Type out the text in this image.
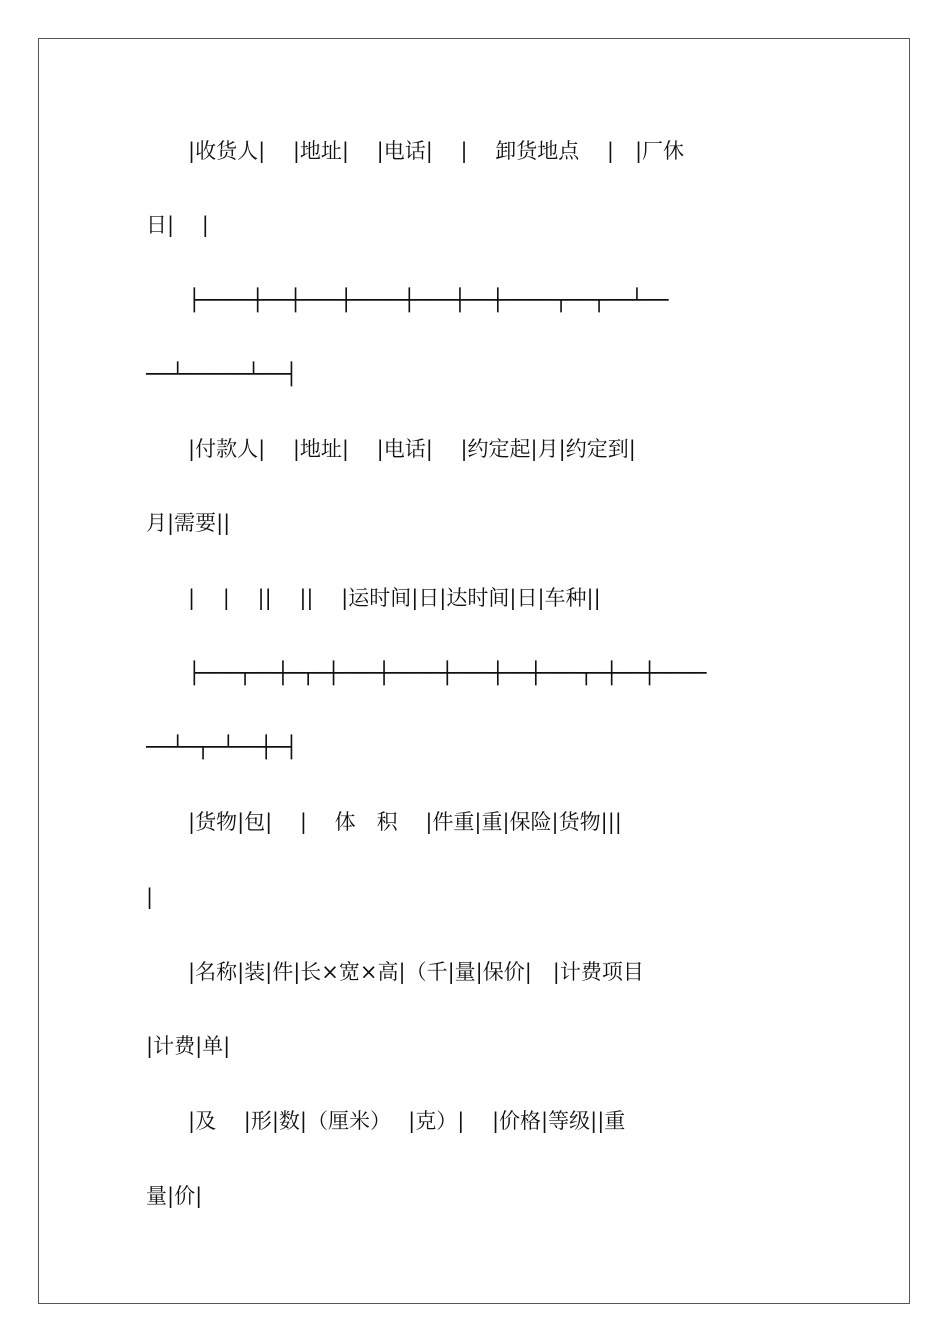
　　|收货人|　 |地址|　 |电话|　 |　 卸货地点 　|　|厂休

日|　 |

　　├────┼──┼───┼────┼───┼──┼────┬──┬──┴──

──┴─────┴──┤

　　|付款人|　 |地址|　 |电话|　 |约定起|月|约定到|

月|需要||

　　|　 |　 ||　 ||　 |运时间|日|达时间|日|车种||

　　├───┬──┼─┬─┼───┼────┼───┼──┼───┬─┼──┼────

──┴─┬─┴──┼─┤

　　|货物|包|　 |　 体　积　 |件重|重|保险|货物|||

|

　　|名称|装|件|长×宽×高|（千|量|保价|　|计费项目

|计费|单|

　　|及　 |形|数|（厘米）　 |克）|　 |价格|等级||重

量|价|
